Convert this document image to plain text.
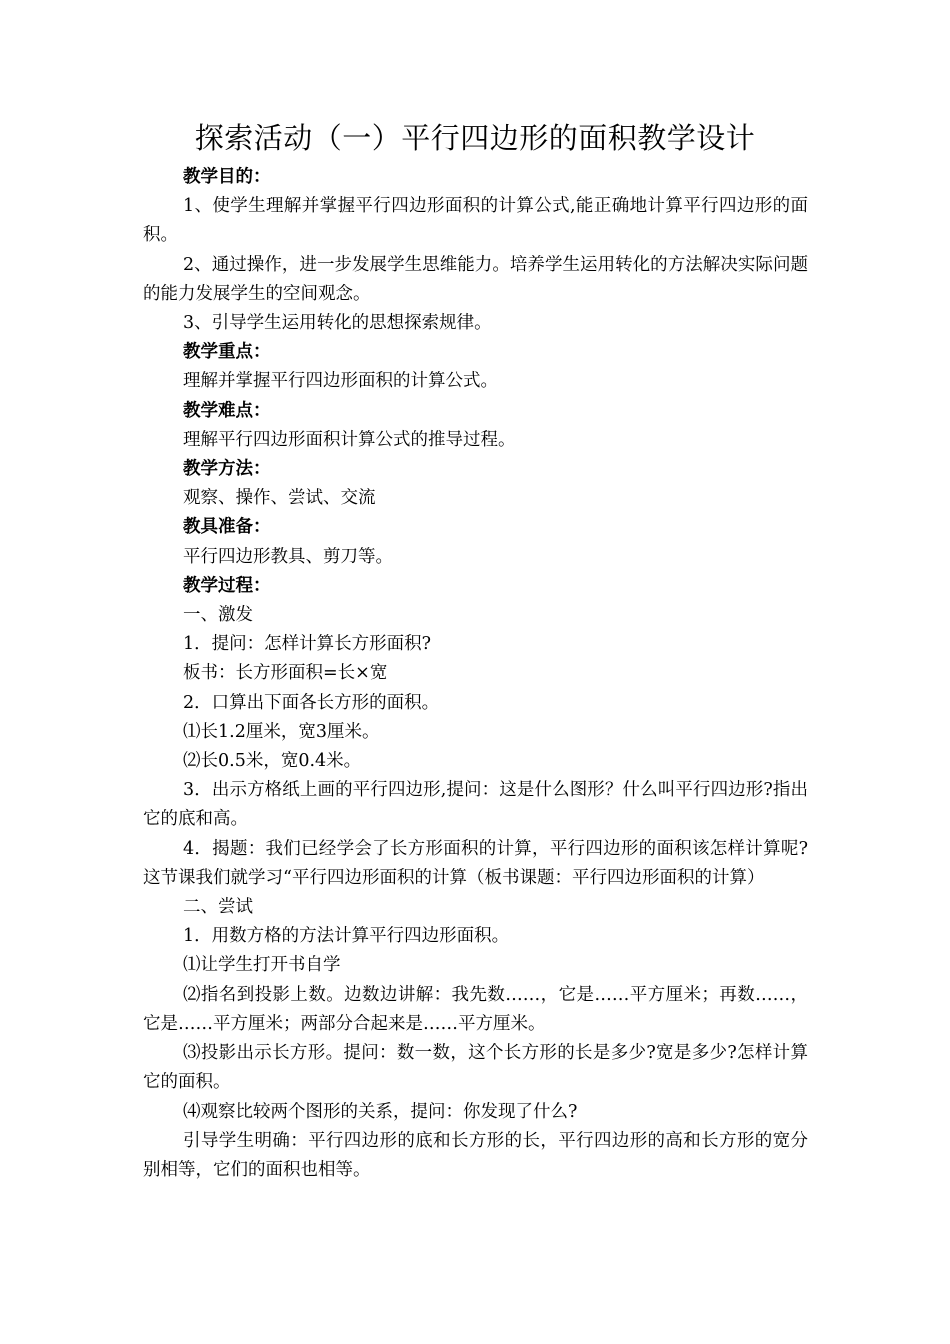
探索活动（一）平行四边形的面积教学设计

教学目的：

1、使学生理解并掌握平行四边形面积的计算公式,能正确地计算平行四边形的面积。

2、通过操作，进一步发展学生思维能力。培养学生运用转化的方法解决实际问题的能力发展学生的空间观念。

3、引导学生运用转化的思想探索规律。

教学重点：

理解并掌握平行四边形面积的计算公式。

教学难点：

理解平行四边形面积计算公式的推导过程。

教学方法：

观察、操作、尝试、交流

教具准备：

平行四边形教具、剪刀等。

教学过程：

一、激发

1．提问：怎样计算长方形面积?

板书：长方形面积=长×宽

2．口算出下面各长方形的面积。

⑴长1.2厘米，宽3厘米。

⑵长0.5米，宽0.4米。

3．出示方格纸上画的平行四边形,提问：这是什么图形？什么叫平行四边形?指出它的底和高。

4．揭题：我们已经学会了长方形面积的计算，平行四边形的面积该怎样计算呢?这节课我们就学习“平行四边形面积的计算（板书课题：平行四边形面积的计算）

二、尝试

1．用数方格的方法计算平行四边形面积。

⑴让学生打开书自学

⑵指名到投影上数。边数边讲解：我先数……，它是……平方厘米；再数……，它是……平方厘米；两部分合起来是……平方厘米。

⑶投影出示长方形。提问：数一数，这个长方形的长是多少?宽是多少?怎样计算它的面积。

⑷观察比较两个图形的关系，提问：你发现了什么?

引导学生明确：平行四边形的底和长方形的长，平行四边形的高和长方形的宽分别相等，它们的面积也相等。
